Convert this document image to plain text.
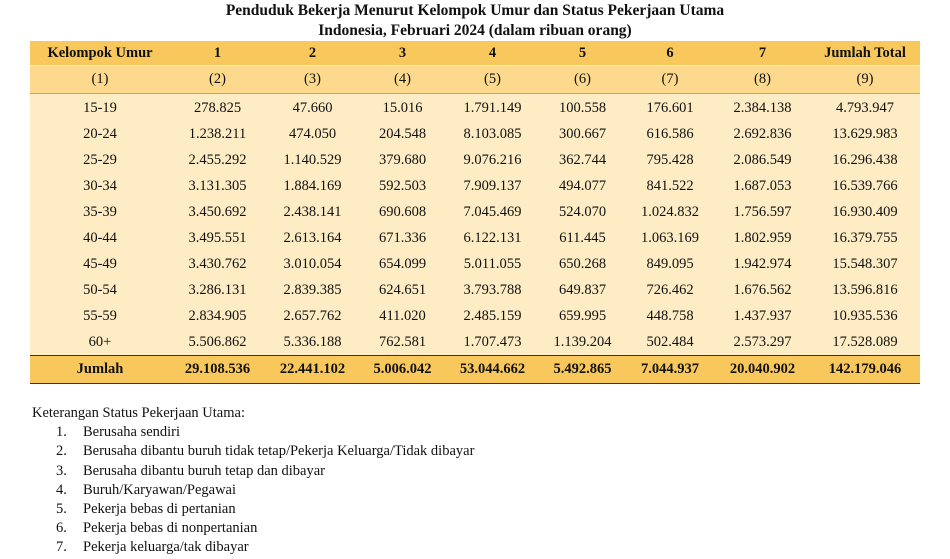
Penduduk Bekerja Menurut Kelompok Umur dan Status Pekerjaan Utama
Indonesia, Februari 2024 (dalam ribuan orang)
Kelompok Umur	1	2	3	4	5	6	7	Jumlah Total
(1)	(2)	(3)	(4)	(5)	(6)	(7)	(8)	(9)
15-19	278.825	47.660	15.016	1.791.149	100.558	176.601	2.384.138	4.793.947
20-24	1.238.211	474.050	204.548	8.103.085	300.667	616.586	2.692.836	13.629.983
25-29	2.455.292	1.140.529	379.680	9.076.216	362.744	795.428	2.086.549	16.296.438
30-34	3.131.305	1.884.169	592.503	7.909.137	494.077	841.522	1.687.053	16.539.766
35-39	3.450.692	2.438.141	690.608	7.045.469	524.070	1.024.832	1.756.597	16.930.409
40-44	3.495.551	2.613.164	671.336	6.122.131	611.445	1.063.169	1.802.959	16.379.755
45-49	3.430.762	3.010.054	654.099	5.011.055	650.268	849.095	1.942.974	15.548.307
50-54	3.286.131	2.839.385	624.651	3.793.788	649.837	726.462	1.676.562	13.596.816
55-59	2.834.905	2.657.762	411.020	2.485.159	659.995	448.758	1.437.937	10.935.536
60+	5.506.862	5.336.188	762.581	1.707.473	1.139.204	502.484	2.573.297	17.528.089
Jumlah	29.108.536	22.441.102	5.006.042	53.044.662	5.492.865	7.044.937	20.040.902	142.179.046
Keterangan Status Pekerjaan Utama:
1. Berusaha sendiri
2. Berusaha dibantu buruh tidak tetap/Pekerja Keluarga/Tidak dibayar
3. Berusaha dibantu buruh tetap dan dibayar
4. Buruh/Karyawan/Pegawai
5. Pekerja bebas di pertanian
6. Pekerja bebas di nonpertanian
7. Pekerja keluarga/tak dibayar
